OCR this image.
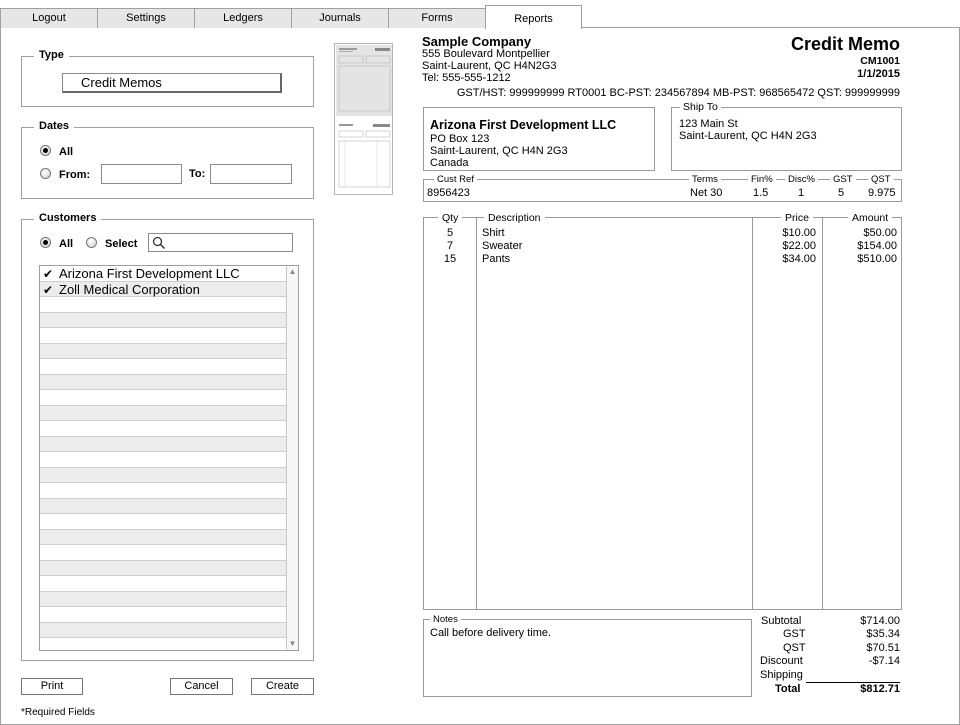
Logout	Settings	Ledgers	Journals	Forms	Reports
Type
Credit Memos
Dates
All
From:	To:
Customers
All	Select
✔ Arizona First Development LLC
✔ Zoll Medical Corporation
▲
▼
Print	Cancel	Create
*Required Fields
Sample Company
555 Boulevard Montpellier
Saint-Laurent, QC H4N2G3
Tel: 555-555-1212
Credit Memo
CM1001
1/1/2015
GST/HST: 999999999 RT0001 BC-PST: 234567894 MB-PST: 968565472 QST: 999999999
Arizona First Development LLC
PO Box 123
Saint-Laurent, QC H4N 2G3
Canada
Ship To
123 Main St
Saint-Laurent, QC H4N 2G3
Cust Ref
8956423
Terms
Net 30
Fin%
1.5
Disc%
1
GST
5
QST
9.975
Qty	Description	Price	Amount
5	Shirt	$10.00	$50.00
7	Sweater	$22.00	$154.00
15	Pants	$34.00	$510.00
Notes
Call before delivery time.
Subtotal	$714.00
GST	$35.34
QST	$70.51
Discount	-$7.14
Shipping
Total	$812.71
